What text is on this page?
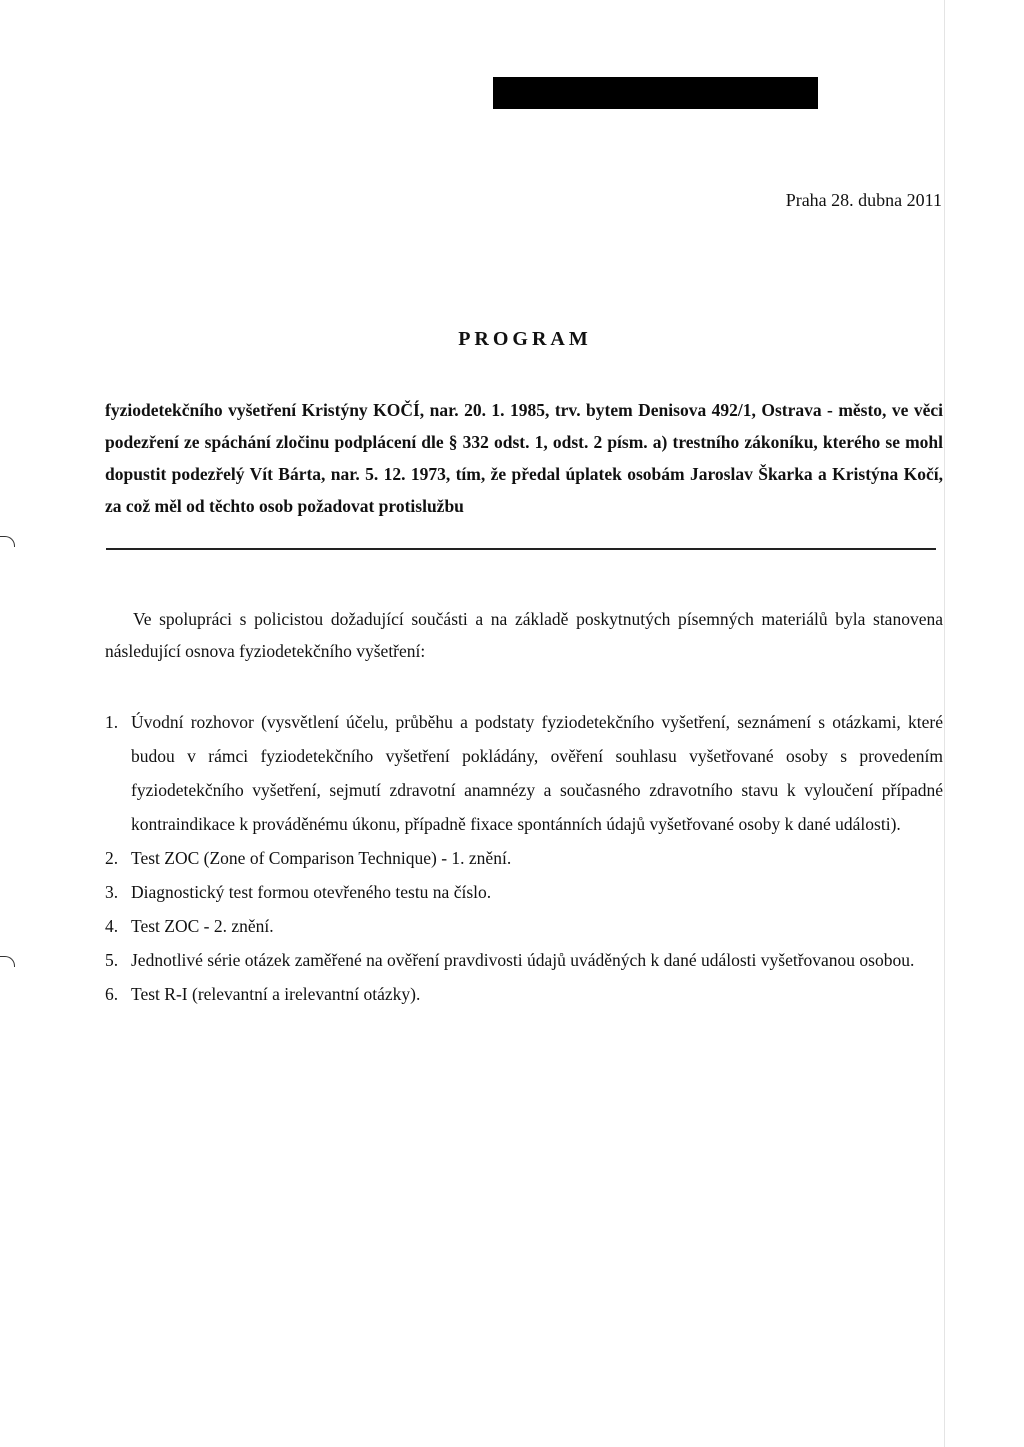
Praha 28. dubna 2011
PROGRAM

fyziodetekčního vyšetření Kristýny KOČÍ, nar. 20. 1. 1985, trv. bytem Denisova 492/1, Ostrava - město, ve věci podezření ze spáchání zločinu podplácení dle § 332 odst. 1, odst. 2 písm. a) trestního zákoníku, kterého se mohl dopustit podezřelý Vít Bárta, nar. 5. 12. 1973, tím, že předal úplatek osobám Jaroslav Škarka a Kristýna Kočí, za což měl od těchto osob požadovat protislužbu

Ve spolupráci s policistou dožadující součásti a na základě poskytnutých písemných materiálů byla stanovena následující osnova fyziodetekčního vyšetření:

1. Úvodní rozhovor (vysvětlení účelu, průběhu a podstaty fyziodetekčního vyšetření, seznámení s otázkami, které budou v rámci fyziodetekčního vyšetření pokládány, ověření souhlasu vyšetřované osoby s provedením fyziodetekčního vyšetření, sejmutí zdravotní anamnézy a současného zdravotního stavu k vyloučení případné kontraindikace k prováděnému úkonu, případně fixace spontánních údajů vyšetřované osoby k dané události).
2. Test ZOC (Zone of Comparison Technique) - 1. znění.
3. Diagnostický test formou otevřeného testu na číslo.
4. Test ZOC - 2. znění.
5. Jednotlivé série otázek zaměřené na ověření pravdivosti údajů uváděných k dané události vyšetřovanou osobou.
6. Test R-I (relevantní a irelevantní otázky).
